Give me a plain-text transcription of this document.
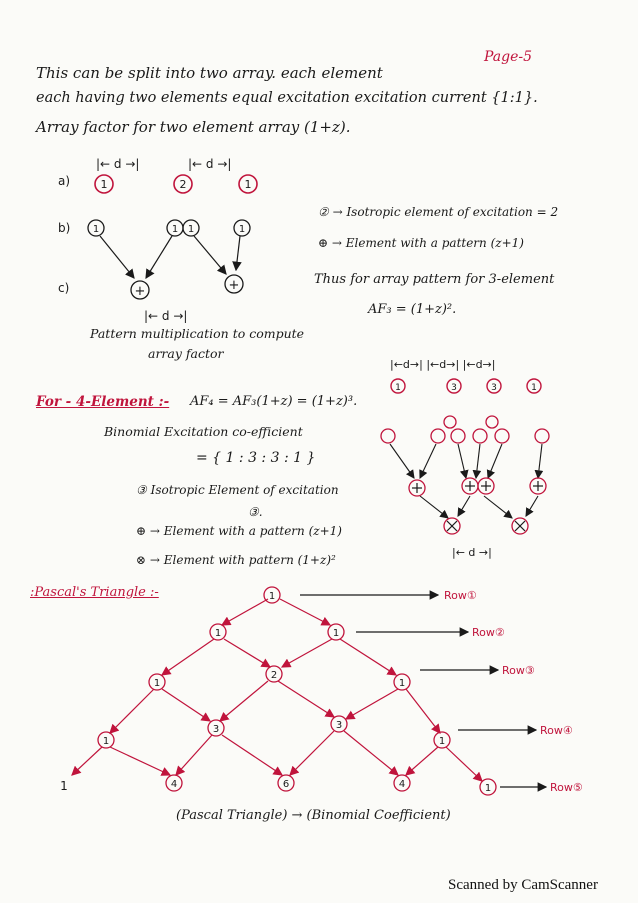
Page-5
This can be split into two array. each element
each having two elements equal excitation excitation current {1:1}.
Array factor for two element array (1+z).
a)
|← d →|	|← d →|
1	2	1
b) 1	1 1	1
c)	+	+
|← d →|
② → Isotropic element of excitation = 2
⊕ → Element with a pattern (z+1)
Thus for array pattern for 3-element
AF₃ = (1+z)².
Pattern multiplication to compute
array factor
For - 4-Element :- AF₄ = AF₃(1+z) = (1+z)³.
Binomial Excitation co-efficient
= { 1 : 3 : 3 : 1 }
③ Isotropic Element of excitation
③.
⊕ → Element with a pattern (z+1)
⊗ → Element with pattern (1+z)²
|←d→| |←d→| |←d→|
1	3	3	1
|← d →|
:Pascal's Triangle :-	1
1	1
1
2
1
1
3	3
1
1	4	6	4	1
Row①
Row②
Row③
Row④
Row⑤
(Pascal Triangle) → (Binomial Coefficient)
Scanned by CamScanner
